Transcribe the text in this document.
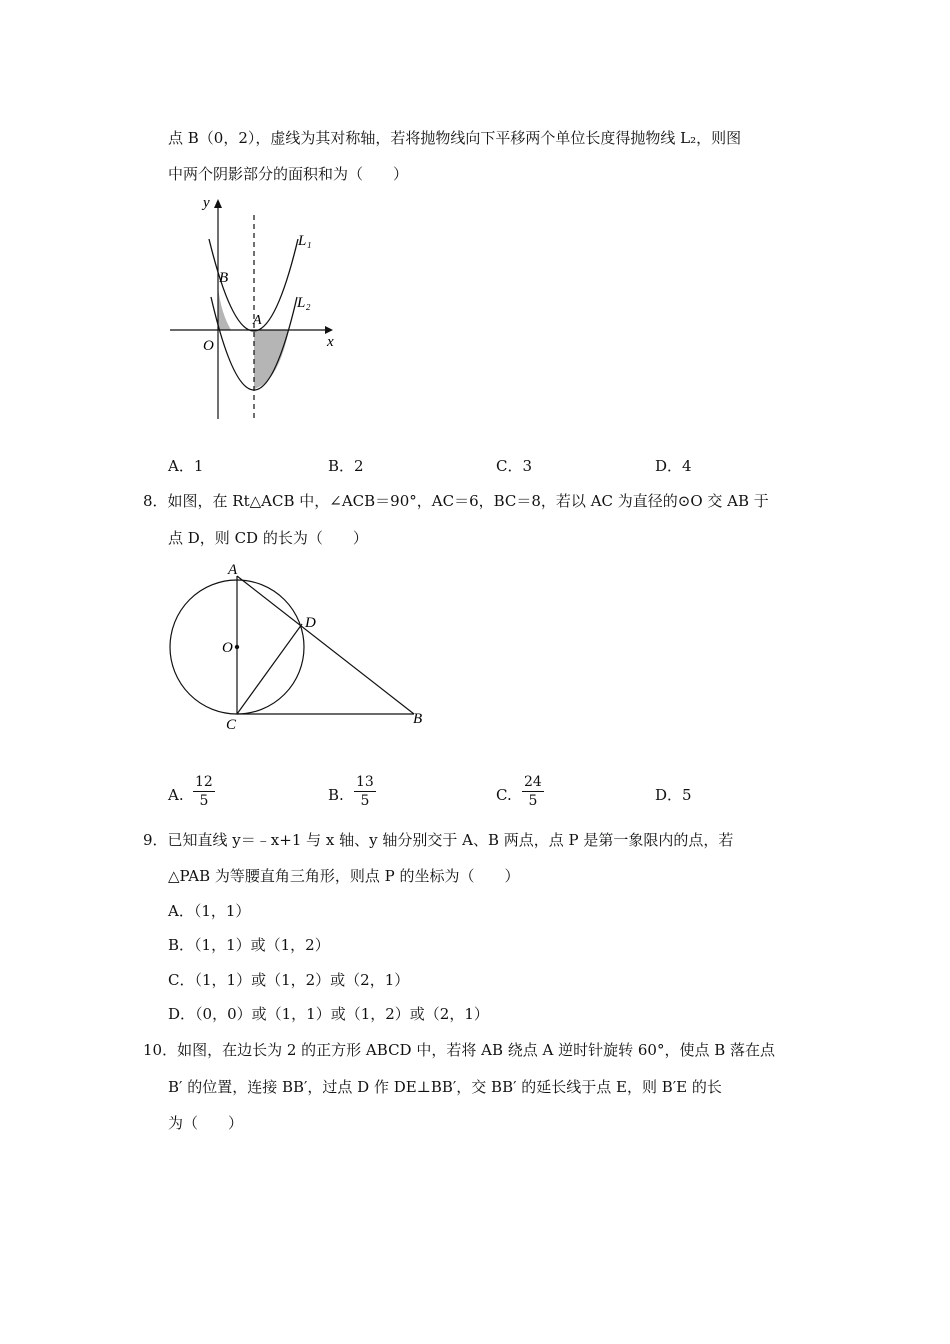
点 B（0，2），虚线为其对称轴，若将抛物线向下平移两个单位长度得抛物线 L₂，则图
中两个阴影部分的面积和为（　　）
y
x
O
A
B
L₁
L₂
A．1	B．2	C．3	D．4
8．如图，在 Rt△ACB 中，∠ACB＝90°，AC＝6，BC＝8，若以 AC 为直径的⊙O 交 AB 于
点 D，则 CD 的长为（　　）
A
O
D
C	B
A. $\frac{12}{5}$	B. $\frac{13}{5}$	C. $\frac{24}{5}$	D．5
9．已知直线 y＝﹣x+1 与 x 轴、y 轴分别交于 A、B 两点，点 P 是第一象限内的点，若
△PAB 为等腰直角三角形，则点 P 的坐标为（　　）
A．（1，1）
B．（1，1）或（1，2）
C．（1，1）或（1，2）或（2，1）
D．（0，0）或（1，1）或（1，2）或（2，1）
10．如图，在边长为 2 的正方形 ABCD 中，若将 AB 绕点 A 逆时针旋转 60°，使点 B 落在点
B′ 的位置，连接 BB′，过点 D 作 DE⊥BB′，交 BB′ 的延长线于点 E，则 B′E 的长
为（　　）
